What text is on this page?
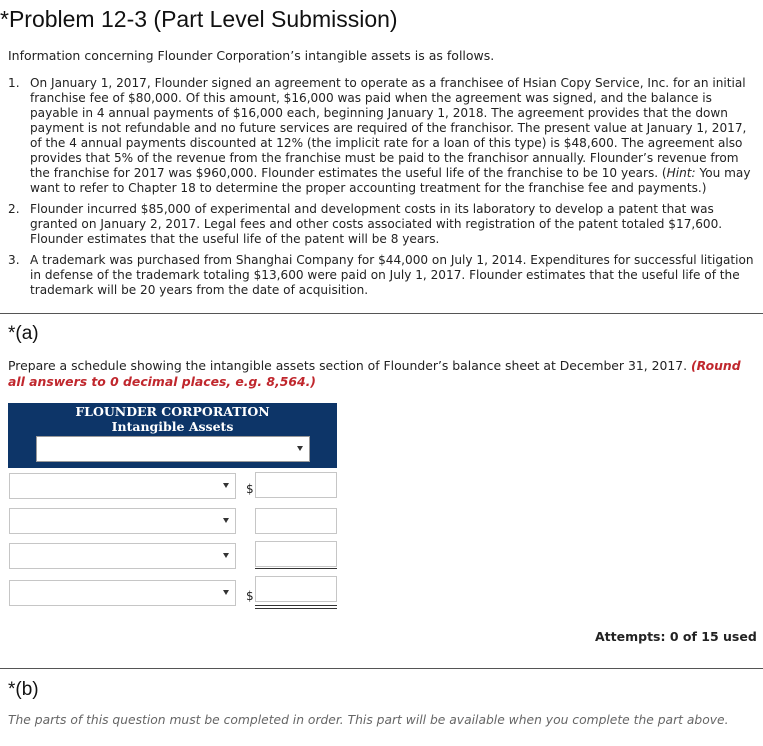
*Problem 12-3 (Part Level Submission)
Information concerning Flounder Corporation’s intangible assets is as follows.
1. On January 1, 2017, Flounder signed an agreement to operate as a franchisee of Hsian Copy Service, Inc. for an initial franchise fee of $80,000. Of this amount, $16,000 was paid when the agreement was signed, and the balance is payable in 4 annual payments of $16,000 each, beginning January 1, 2018. The agreement provides that the down payment is not refundable and no future services are required of the franchisor. The present value at January 1, 2017, of the 4 annual payments discounted at 12% (the implicit rate for a loan of this type) is $48,600. The agreement also provides that 5% of the revenue from the franchise must be paid to the franchisor annually. Flounder’s revenue from the franchise for 2017 was $960,000. Flounder estimates the useful life of the franchise to be 10 years. (Hint: You may want to refer to Chapter 18 to determine the proper accounting treatment for the franchise fee and payments.)
2. Flounder incurred $85,000 of experimental and development costs in its laboratory to develop a patent that was granted on January 2, 2017. Legal fees and other costs associated with registration of the patent totaled $17,600. Flounder estimates that the useful life of the patent will be 8 years.
3. A trademark was purchased from Shanghai Company for $44,000 on July 1, 2014. Expenditures for successful litigation in defense of the trademark totaling $13,600 were paid on July 1, 2017. Flounder estimates that the useful life of the trademark will be 20 years from the date of acquisition.
*(a)
Prepare a schedule showing the intangible assets section of Flounder’s balance sheet at December 31, 2017. (Round all answers to 0 decimal places, e.g. 8,564.)
FLOUNDER CORPORATION
Intangible Assets
$
$
Attempts: 0 of 15 used
*(b)
The parts of this question must be completed in order. This part will be available when you complete the part above.
